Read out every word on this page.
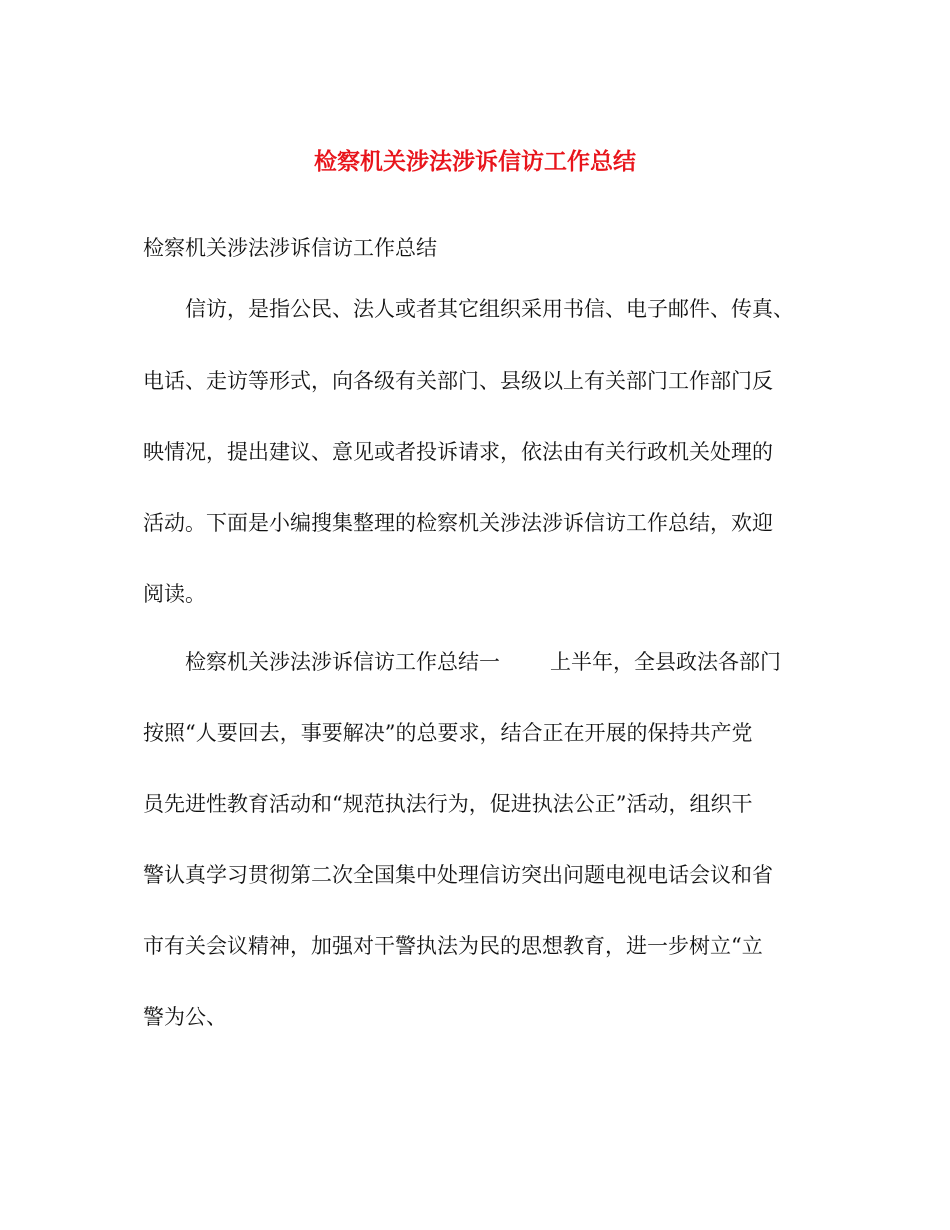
检察机关涉法涉诉信访工作总结
检察机关涉法涉诉信访工作总结
信访，是指公民、法人或者其它组织采用书信、电子邮件、传真、
电话、走访等形式，向各级有关部门、县级以上有关部门工作部门反
映情况，提出建议、意见或者投诉请求，依法由有关行政机关处理的
活动。下面是小编搜集整理的检察机关涉法涉诉信访工作总结，欢迎
阅读。
检察机关涉法涉诉信访工作总结一 上半年，全县政法各部门
按照“人要回去，事要解决”的总要求，结合正在开展的保持共产党
员先进性教育活动和“规范执法行为，促进执法公正”活动，组织干
警认真学习贯彻第二次全国集中处理信访突出问题电视电话会议和省
市有关会议精神，加强对干警执法为民的思想教育，进一步树立“立
警为公、
